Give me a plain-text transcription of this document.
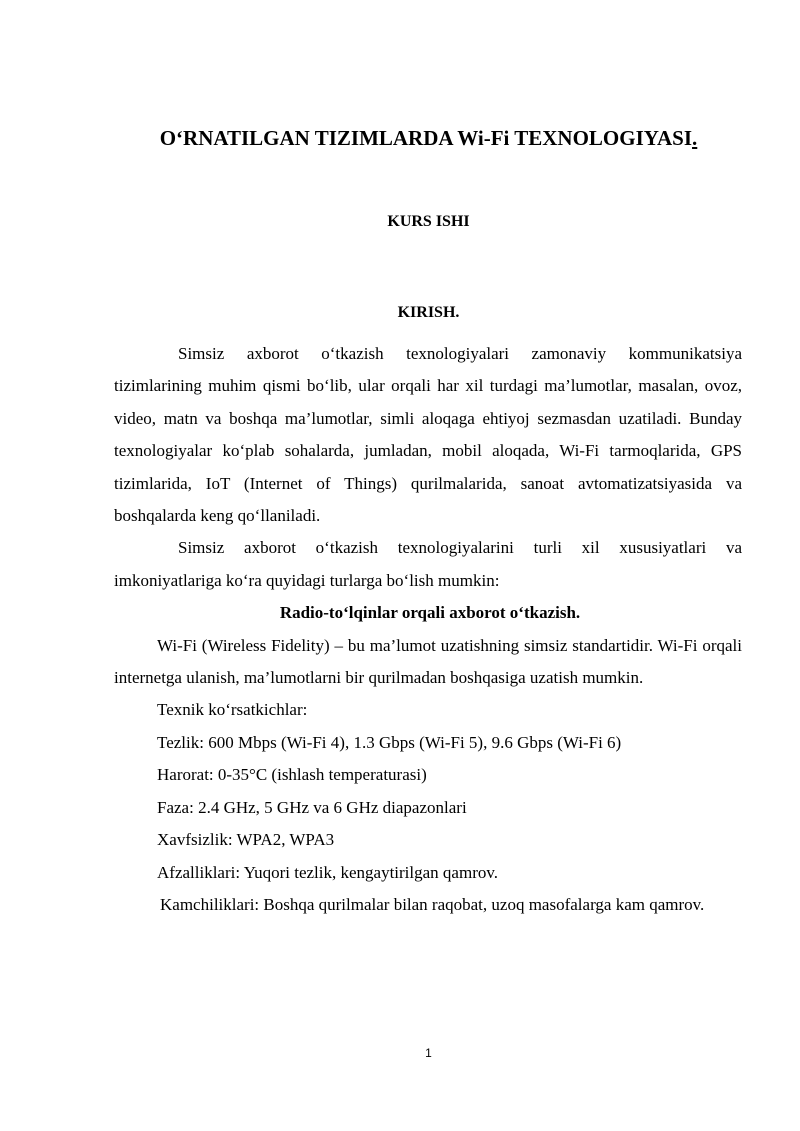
O‘RNATILGAN TIZIMLARDA Wi-Fi TEXNOLOGIYASI.
KURS ISHI
KIRISH.

Simsiz axborot o‘tkazish texnologiyalari zamonaviy kommunikatsiya tizimlarining muhim qismi bo‘lib, ular orqali har xil turdagi ma’lumotlar, masalan, ovoz, video, matn va boshqa ma’lumotlar, simli aloqaga ehtiyoj sezmasdan uzatiladi. Bunday texnologiyalar ko‘plab sohalarda, jumladan, mobil aloqada, Wi-Fi tarmoqlarida, GPS tizimlarida, IoT (Internet of Things) qurilmalarida, sanoat avtomatizatsiyasida va boshqalarda keng qo‘llaniladi.

Simsiz axborot o‘tkazish texnologiyalarini turli xil xususiyatlari va imkoniyatlariga ko‘ra quyidagi turlarga bo‘lish mumkin:

Radio-to‘lqinlar orqali axborot o‘tkazish.

Wi-Fi (Wireless Fidelity) – bu ma’lumot uzatishning simsiz standartidir. Wi-Fi orqali internetga ulanish, ma’lumotlarni bir qurilmadan boshqasiga uzatish mumkin.

Texnik ko‘rsatkichlar:

Tezlik: 600 Mbps (Wi-Fi 4), 1.3 Gbps (Wi-Fi 5), 9.6 Gbps (Wi-Fi 6)

Harorat: 0-35°C (ishlash temperaturasi)

Faza: 2.4 GHz, 5 GHz va 6 GHz diapazonlari

Xavfsizlik: WPA2, WPA3

Afzalliklari: Yuqori tezlik, kengaytirilgan qamrov.

Kamchiliklari: Boshqa qurilmalar bilan raqobat, uzoq masofalarga kam qamrov.

1
